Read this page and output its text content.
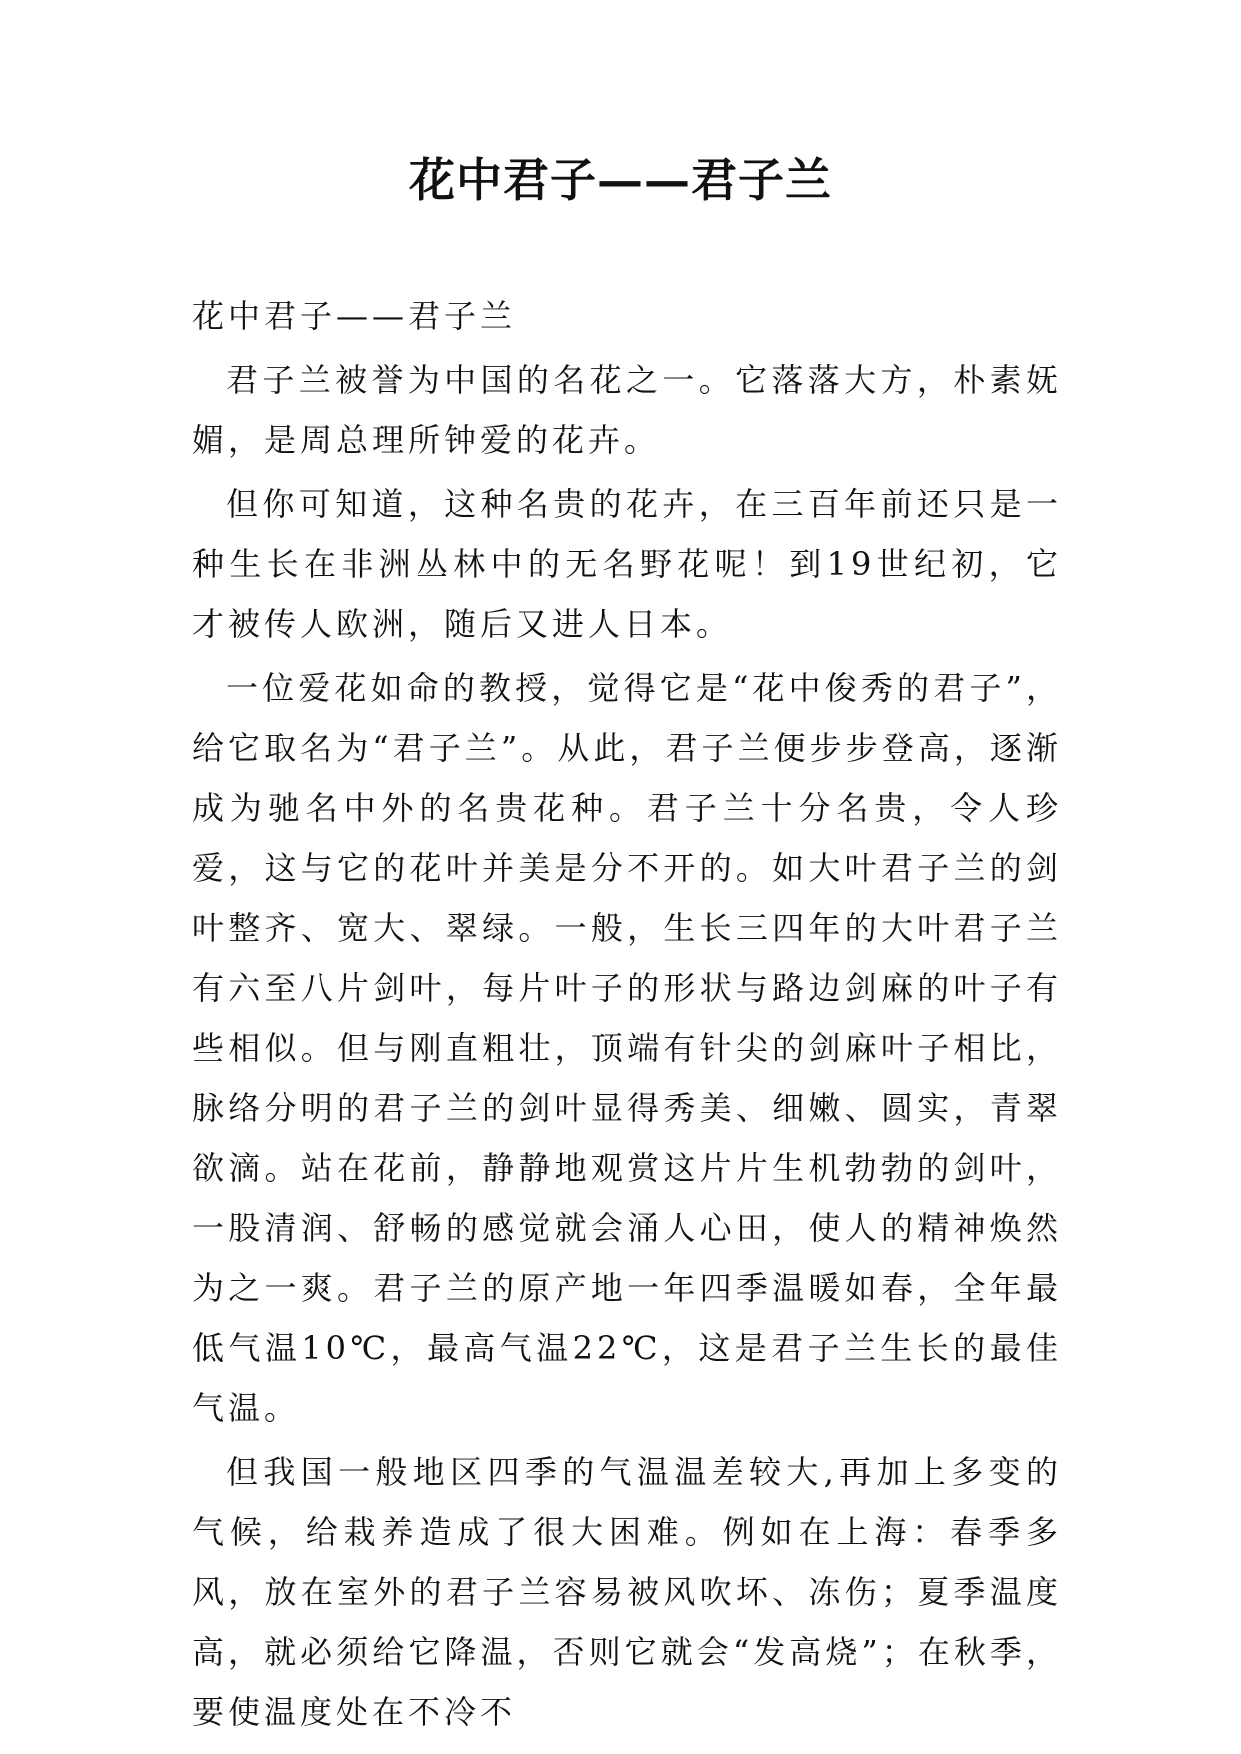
花中君子——君子兰

花中君子——君子兰

君子兰被誉为中国的名花之一。它落落大方，朴素妩媚，是周总理所钟爱的花卉。

但你可知道，这种名贵的花卉，在三百年前还只是一种生长在非洲丛林中的无名野花呢！到19世纪初，它才被传人欧洲，随后又进人日本。

一位爱花如命的教授，觉得它是“花中俊秀的君子”，给它取名为“君子兰”。从此，君子兰便步步登高，逐渐成为驰名中外的名贵花种。君子兰十分名贵，令人珍爱，这与它的花叶并美是分不开的。如大叶君子兰的剑叶整齐、宽大、翠绿。一般，生长三四年的大叶君子兰有六至八片剑叶，每片叶子的形状与路边剑麻的叶子有些相似。但与刚直粗壮，顶端有针尖的剑麻叶子相比，脉络分明的君子兰的剑叶显得秀美、细嫩、圆实，青翠欲滴。站在花前，静静地观赏这片片生机勃勃的剑叶，一股清润、舒畅的感觉就会涌人心田，使人的精神焕然为之一爽。君子兰的原产地一年四季温暖如春，全年最低气温10℃，最高气温22℃，这是君子兰生长的最佳气温。

但我国一般地区四季的气温温差较大,再加上多变的气候，给栽养造成了很大困难。例如在上海：春季多风，放在室外的君子兰容易被风吹坏、冻伤；夏季温度高，就必须给它降温，否则它就会“发高烧”；在秋季，要使温度处在不冷不
